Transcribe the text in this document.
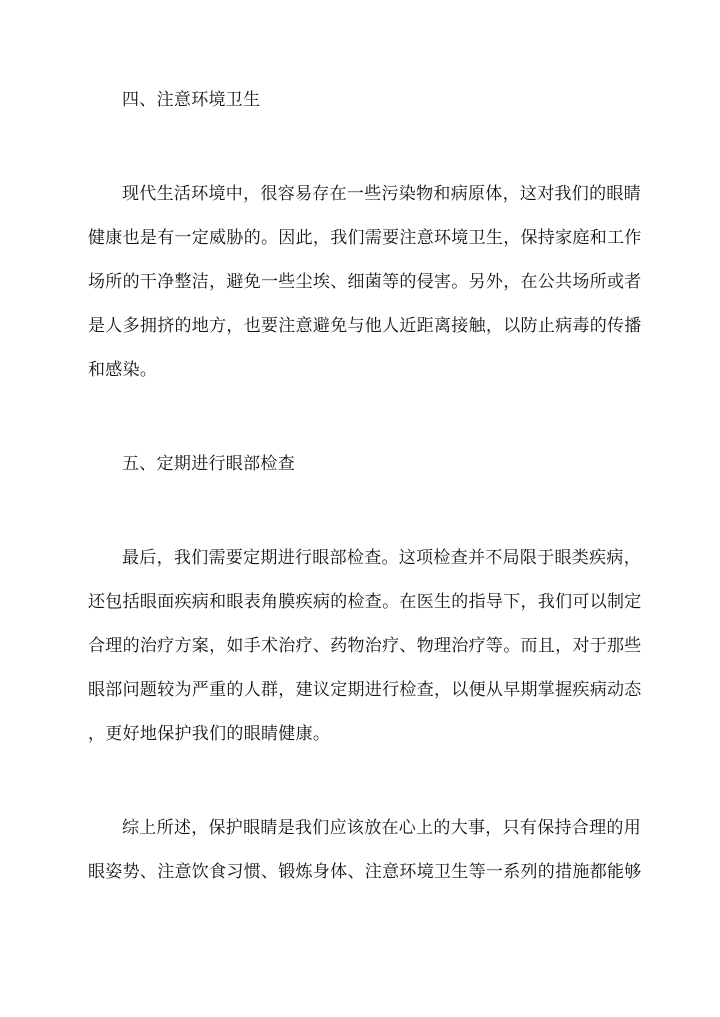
四、注意环境卫生
现代生活环境中，很容易存在一些污染物和病原体，这对我们的眼睛
健康也是有一定威胁的。因此，我们需要注意环境卫生，保持家庭和工作
场所的干净整洁，避免一些尘埃、细菌等的侵害。另外，在公共场所或者
是人多拥挤的地方，也要注意避免与他人近距离接触，以防止病毒的传播
和感染。
五、定期进行眼部检查
最后，我们需要定期进行眼部检查。这项检查并不局限于眼类疾病，
还包括眼面疾病和眼表角膜疾病的检查。在医生的指导下，我们可以制定
合理的治疗方案，如手术治疗、药物治疗、物理治疗等。而且，对于那些
眼部问题较为严重的人群，建议定期进行检查，以便从早期掌握疾病动态
，更好地保护我们的眼睛健康。
综上所述，保护眼睛是我们应该放在心上的大事，只有保持合理的用
眼姿势、注意饮食习惯、锻炼身体、注意环境卫生等一系列的措施都能够
